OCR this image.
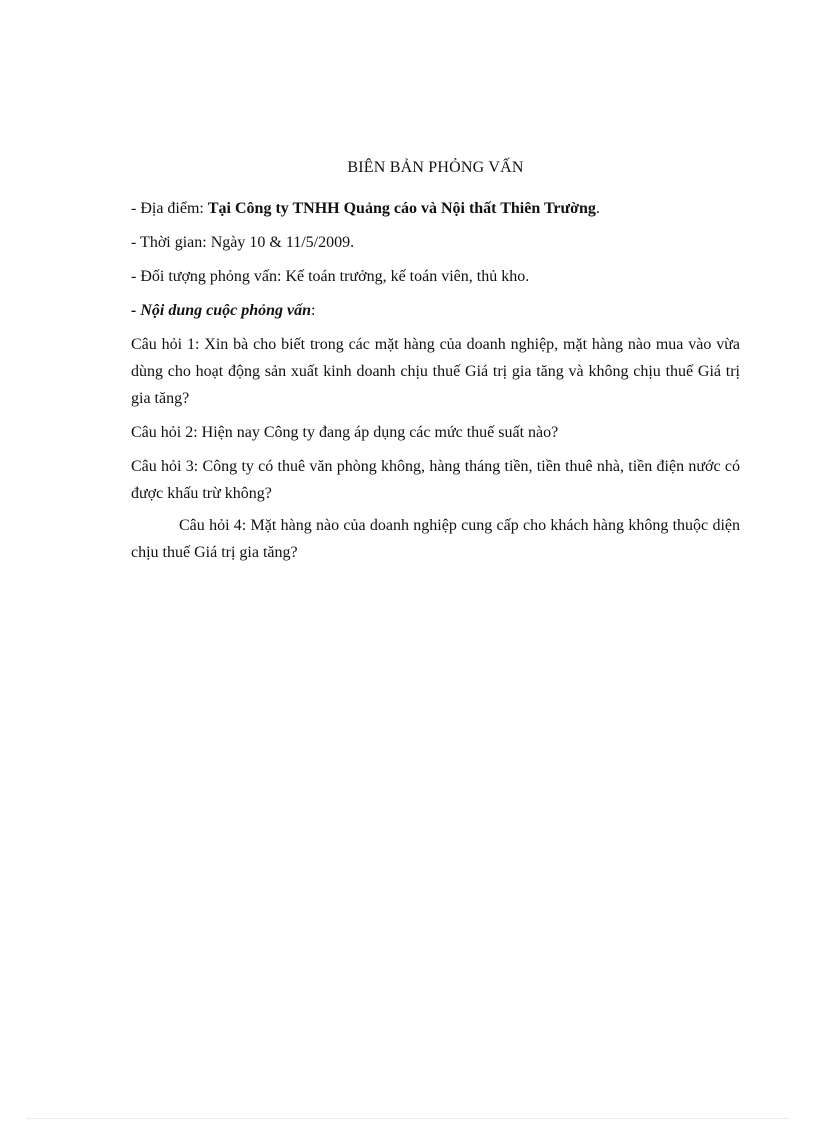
BIÊN BẢN PHỎNG VẤN
- Địa điểm: Tại Công ty TNHH Quảng cáo và Nội thất Thiên Trường.
- Thời gian: Ngày 10 & 11/5/2009.
- Đối tượng phỏng vấn: Kế toán trưởng, kế toán viên, thủ kho.
- Nội dung cuộc phỏng vấn:

Câu hỏi 1: Xin bà cho biết trong các mặt hàng của doanh nghiệp, mặt hàng nào mua vào vừa dùng cho hoạt động sản xuất kinh doanh chịu thuế Giá trị gia tăng và không chịu thuế Giá trị gia tăng?

Câu hỏi 2: Hiện nay Công ty đang áp dụng các mức thuế suất nào?

Câu hỏi 3: Công ty có thuê văn phòng không, hàng tháng tiền, tiền thuê nhà, tiền điện nước có được khấu trừ không?

Câu hỏi 4: Mặt hàng nào của doanh nghiệp cung cấp cho khách hàng không thuộc diện chịu thuế Giá trị gia tăng?
